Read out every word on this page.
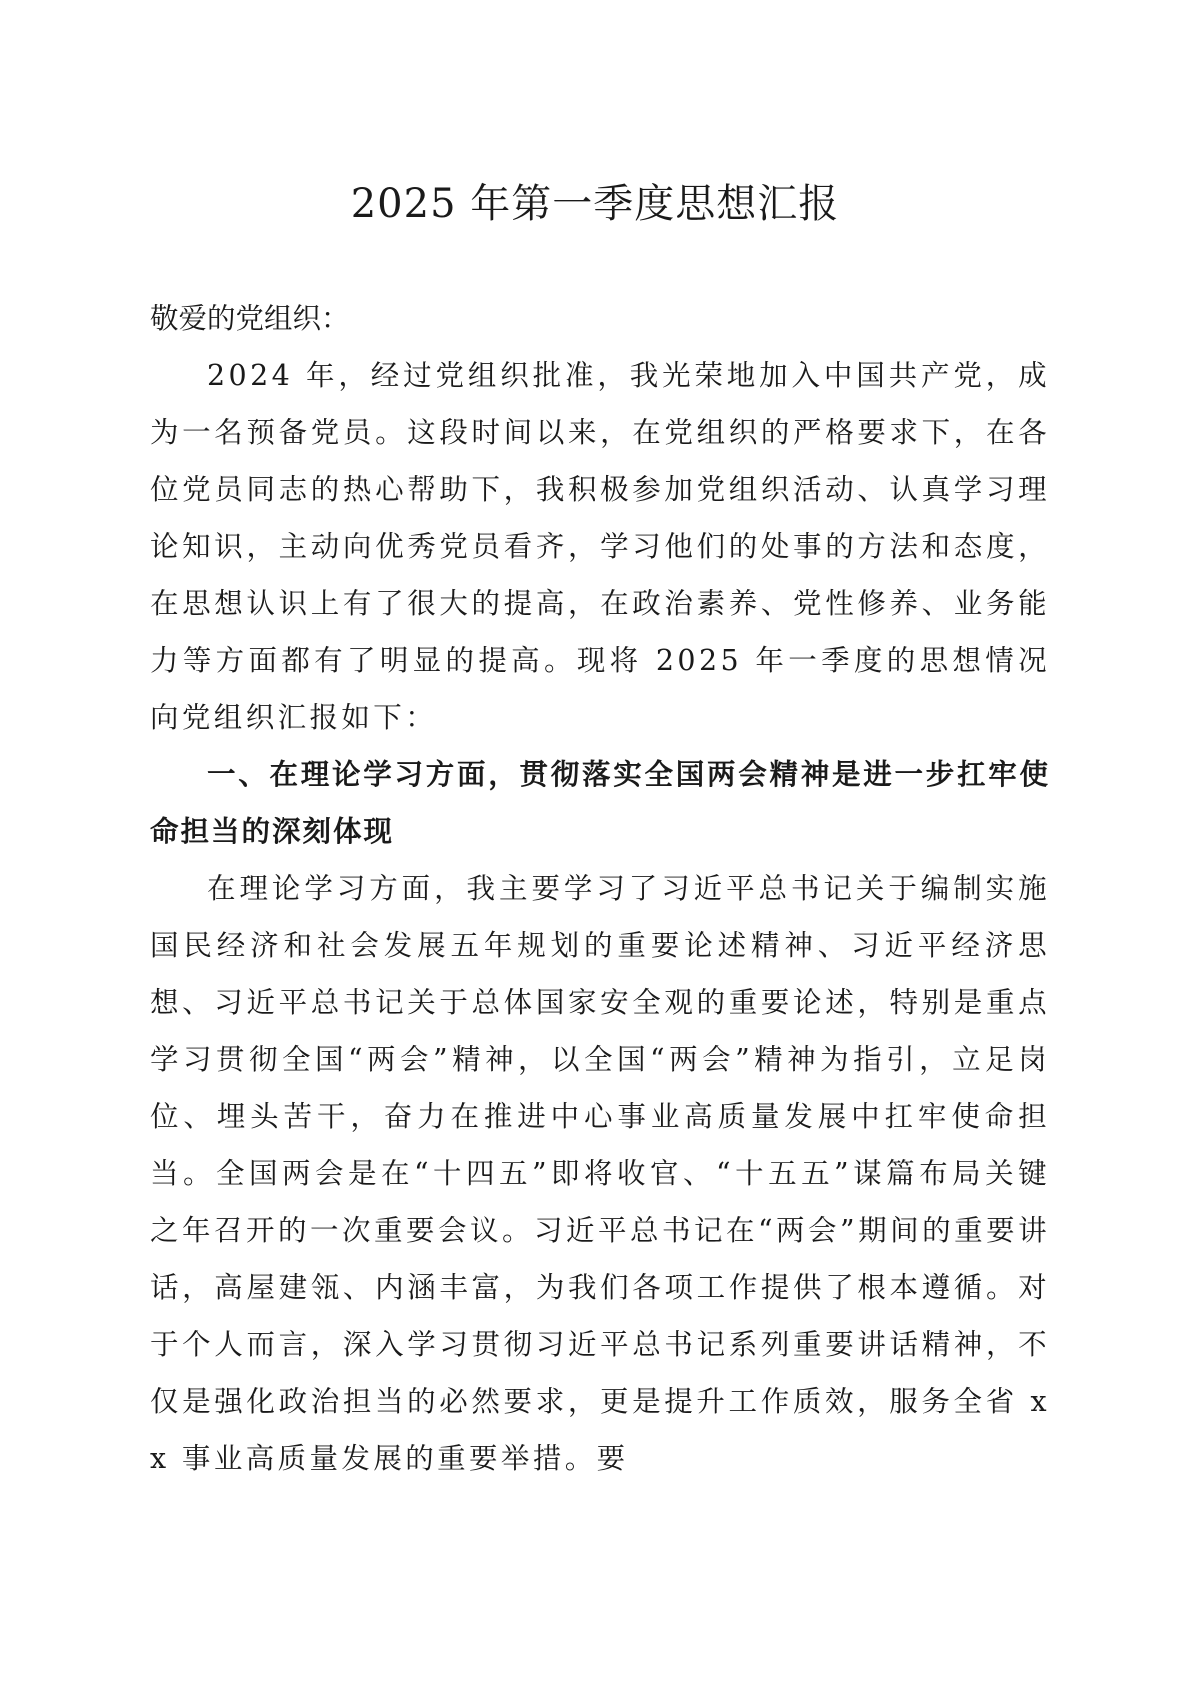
2025 年第一季度思想汇报

敬爱的党组织：

2024 年，经过党组织批准，我光荣地加入中国共产党，成为一名预备党员。这段时间以来，在党组织的严格要求下，在各位党员同志的热心帮助下，我积极参加党组织活动、认真学习理论知识，主动向优秀党员看齐，学习他们的处事的方法和态度，在思想认识上有了很大的提高，在政治素养、党性修养、业务能力等方面都有了明显的提高。现将 2025 年一季度的思想情况向党组织汇报如下：

一、在理论学习方面，贯彻落实全国两会精神是进一步扛牢使命担当的深刻体现

在理论学习方面，我主要学习了习近平总书记关于编制实施国民经济和社会发展五年规划的重要论述精神、习近平经济思想、习近平总书记关于总体国家安全观的重要论述，特别是重点学习贯彻全国“两会”精神，以全国“两会”精神为指引，立足岗位、埋头苦干，奋力在推进中心事业高质量发展中扛牢使命担当。全国两会是在“十四五”即将收官、“十五五”谋篇布局关键之年召开的一次重要会议。习近平总书记在“两会”期间的重要讲话，高屋建瓴、内涵丰富，为我们各项工作提供了根本遵循。对于个人而言，深入学习贯彻习近平总书记系列重要讲话精神，不仅是强化政治担当的必然要求，更是提升工作质效，服务全省 xx 事业高质量发展的重要举措。要
